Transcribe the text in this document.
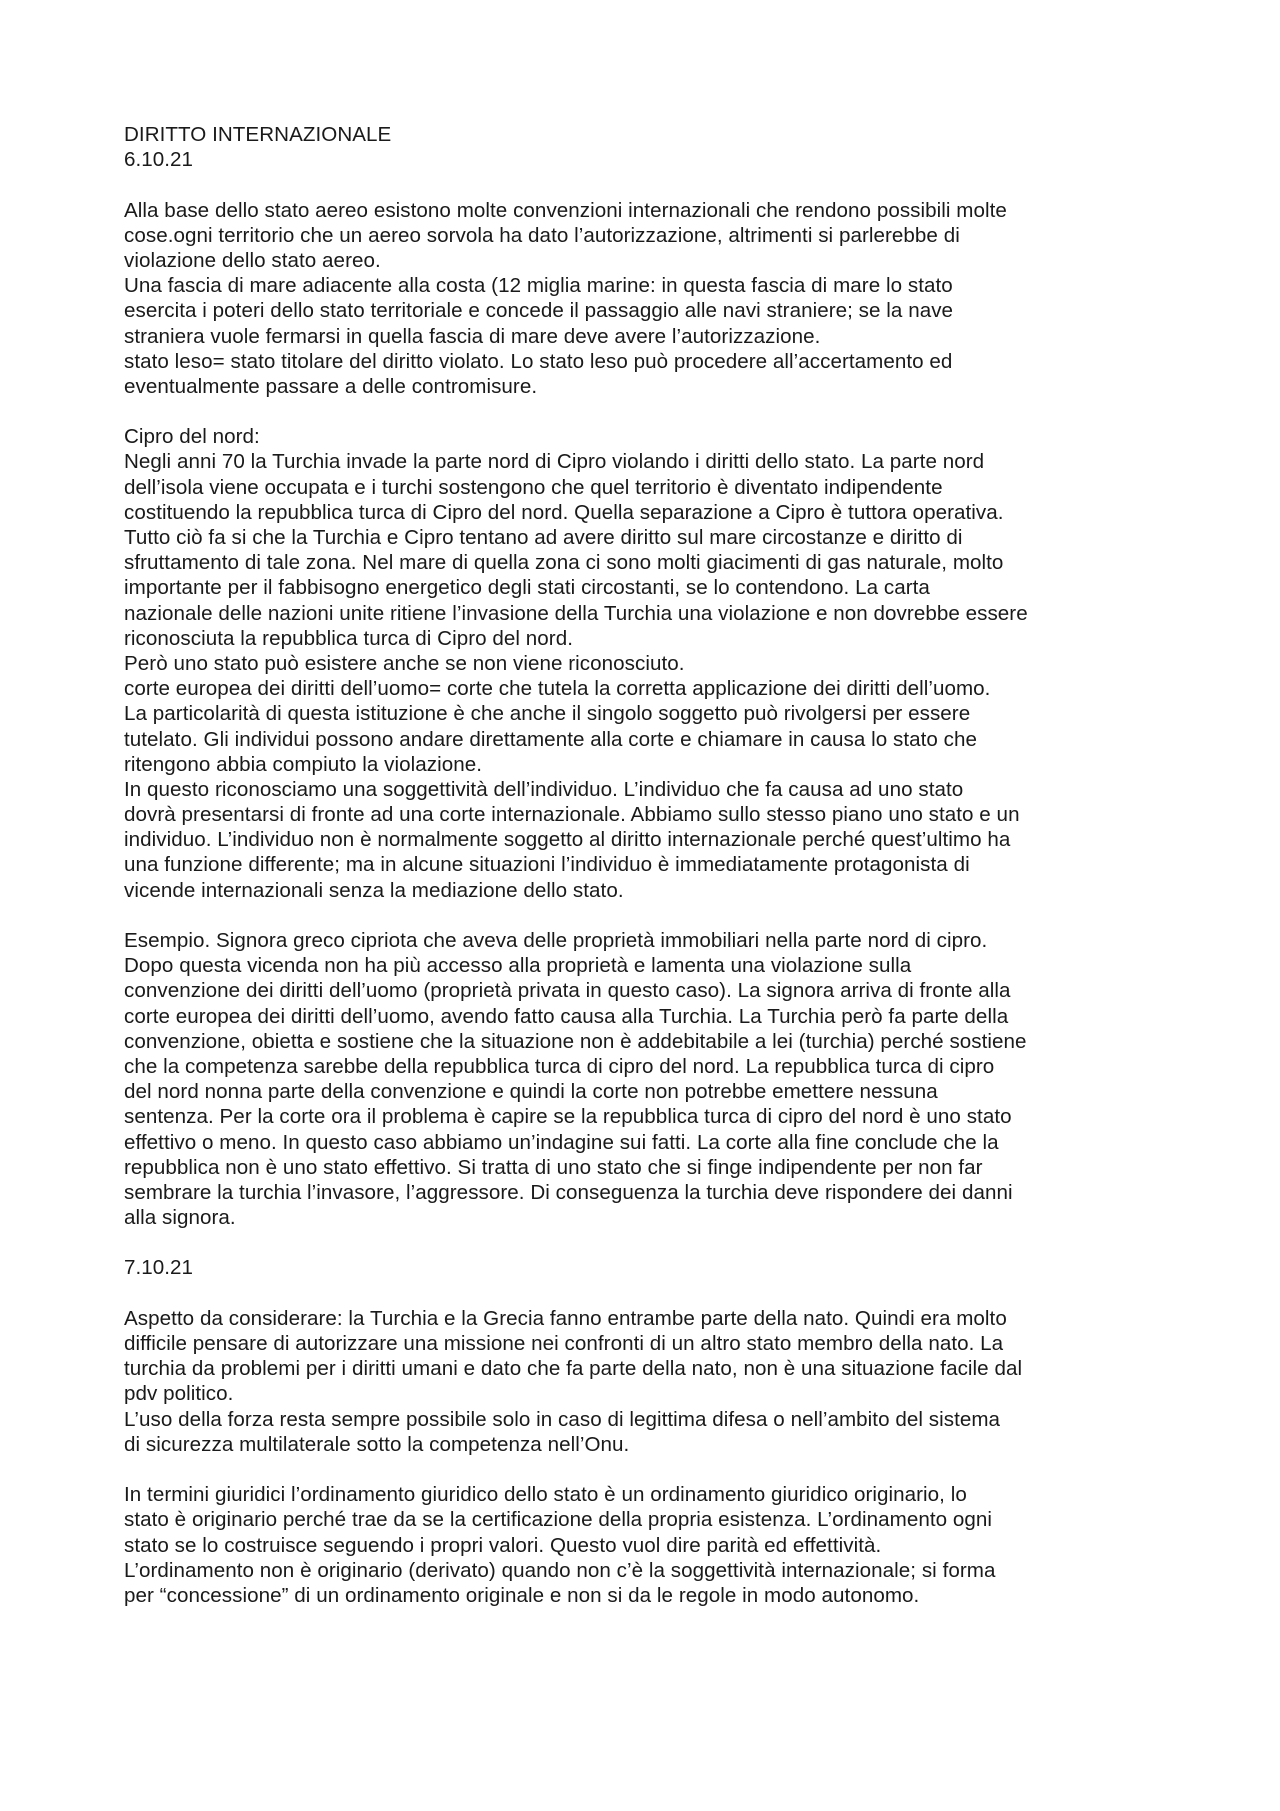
DIRITTO INTERNAZIONALE
6.10.21
Alla base dello stato aereo esistono molte convenzioni internazionali che rendono possibili molte
cose.ogni territorio che un aereo sorvola ha dato l’autorizzazione, altrimenti si parlerebbe di
violazione dello stato aereo.
Una fascia di mare adiacente alla costa (12 miglia marine: in questa fascia di mare lo stato
esercita i poteri dello stato territoriale e concede il passaggio alle navi straniere; se la nave
straniera vuole fermarsi in quella fascia di mare deve avere l’autorizzazione.
stato leso= stato titolare del diritto violato. Lo stato leso può procedere all’accertamento ed
eventualmente passare a delle contromisure.
Cipro del nord:
Negli anni 70 la Turchia invade la parte nord di Cipro violando i diritti dello stato. La parte nord
dell’isola viene occupata e i turchi sostengono che quel territorio è diventato indipendente
costituendo la repubblica turca di Cipro del nord. Quella separazione a Cipro è tuttora operativa.
Tutto ciò fa si che la Turchia e Cipro tentano ad avere diritto sul mare circostanze e diritto di
sfruttamento di tale zona. Nel mare di quella zona ci sono molti giacimenti di gas naturale, molto
importante per il fabbisogno energetico degli stati circostanti, se lo contendono. La carta
nazionale delle nazioni unite ritiene l’invasione della Turchia una violazione e non dovrebbe essere
riconosciuta la repubblica turca di Cipro del nord.
Però uno stato può esistere anche se non viene riconosciuto.
corte europea dei diritti dell’uomo= corte che tutela la corretta applicazione dei diritti dell’uomo.
La particolarità di questa istituzione è che anche il singolo soggetto può rivolgersi per essere
tutelato. Gli individui possono andare direttamente alla corte e chiamare in causa lo stato che
ritengono abbia compiuto la violazione.
In questo riconosciamo una soggettività dell’individuo. L’individuo che fa causa ad uno stato
dovrà presentarsi di fronte ad una corte internazionale. Abbiamo sullo stesso piano uno stato e un
individuo. L’individuo non è normalmente soggetto al diritto internazionale perché quest’ultimo ha
una funzione differente; ma in alcune situazioni l’individuo è immediatamente protagonista di
vicende internazionali senza la mediazione dello stato.
Esempio. Signora greco cipriota che aveva delle proprietà immobiliari nella parte nord di cipro.
Dopo questa vicenda non ha più accesso alla proprietà e lamenta una violazione sulla
convenzione dei diritti dell’uomo (proprietà privata in questo caso). La signora arriva di fronte alla
corte europea dei diritti dell’uomo, avendo fatto causa alla Turchia. La Turchia però fa parte della
convenzione, obietta e sostiene che la situazione non è addebitabile a lei (turchia) perché sostiene
che la competenza sarebbe della repubblica turca di cipro del nord. La repubblica turca di cipro
del nord nonna parte della convenzione e quindi la corte non potrebbe emettere nessuna
sentenza. Per la corte ora il problema è capire se la repubblica turca di cipro del nord è uno stato
effettivo o meno. In questo caso abbiamo un’indagine sui fatti. La corte alla fine conclude che la
repubblica non è uno stato effettivo. Si tratta di uno stato che si finge indipendente per non far
sembrare la turchia l’invasore, l’aggressore. Di conseguenza la turchia deve rispondere dei danni
alla signora.
7.10.21
Aspetto da considerare: la Turchia e la Grecia fanno entrambe parte della nato. Quindi era molto
difficile pensare di autorizzare una missione nei confronti di un altro stato membro della nato. La
turchia da problemi per i diritti umani e dato che fa parte della nato, non è una situazione facile dal
pdv politico.
L’uso della forza resta sempre possibile solo in caso di legittima difesa o nell’ambito del sistema
di sicurezza multilaterale sotto la competenza nell’Onu.
In termini giuridici l’ordinamento giuridico dello stato è un ordinamento giuridico originario, lo
stato è originario perché trae da se la certificazione della propria esistenza. L’ordinamento ogni
stato se lo costruisce seguendo i propri valori. Questo vuol dire parità ed effettività.
L’ordinamento non è originario (derivato) quando non c’è la soggettività internazionale; si forma
per “concessione” di un ordinamento originale e non si da le regole in modo autonomo.
